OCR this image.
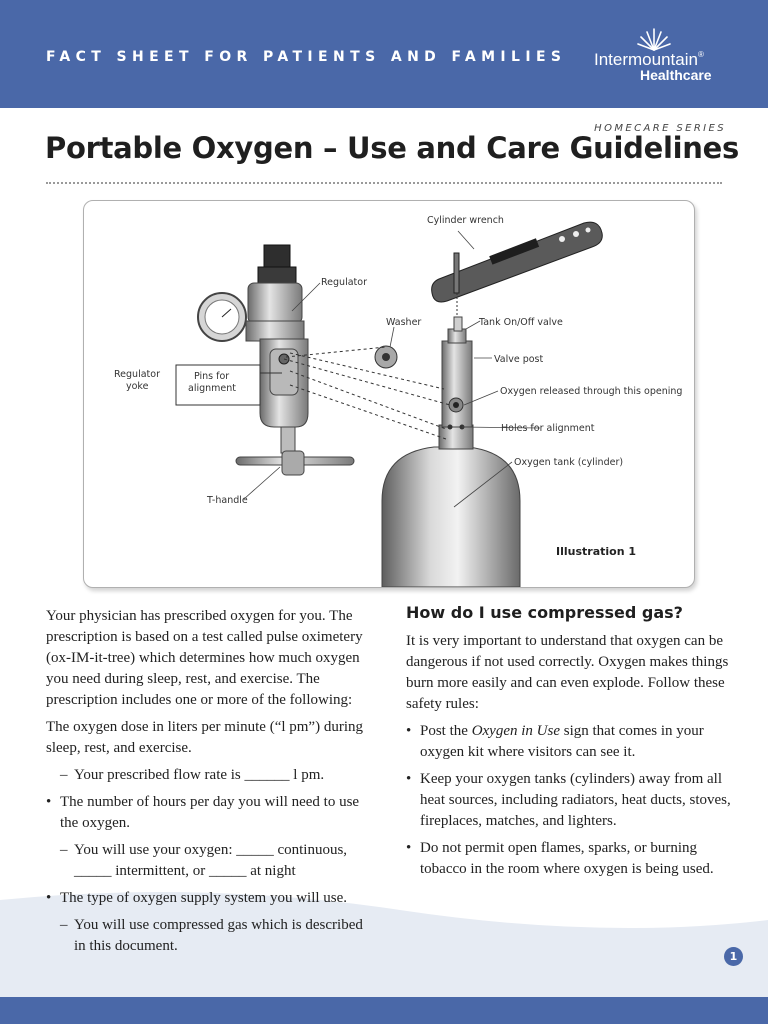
FACT SHEET FOR PATIENTS AND FAMILIES Intermountain®
Healthcare
HOMECARE SERIES
Portable Oxygen – Use and Care Guidelines
Cylinder wrench
Regulator
Washer	Tank On/Off valve
Valve post
Oxygen released through this opening
Holes for alignment
Oxygen tank (cylinder)
Regulator
yoke
Pins for
alignment
T-handle
Illustration 1

Your physician has prescribed oxygen for you. The prescription is based on a test called pulse oximetery (ox-IM-it-tree) which determines how much oxygen you need during sleep, rest, and exercise. The prescription includes one or more of the following:

The oxygen dose in liters per minute (“l pm”) during sleep, rest, and exercise.

– Your prescribed flow rate is ______ l pm.
• The number of hours per day you will need to use the oxygen.
– You will use your oxygen: _____ continuous, _____ intermittent, or _____ at night
• The type of oxygen supply system you will use.
– You will use compressed gas which is described in this document.
How do I use compressed gas?

It is very important to understand that oxygen can be dangerous if not used correctly. Oxygen makes things burn more easily and can even explode. Follow these safety rules:

• Post the Oxygen in Use sign that comes in your oxygen kit where visitors can see it.
• Keep your oxygen tanks (cylinders) away from all heat sources, including radiators, heat ducts, stoves, fireplaces, matches, and lighters.
• Do not permit open flames, sparks, or burning tobacco in the room where oxygen is being used.
1
